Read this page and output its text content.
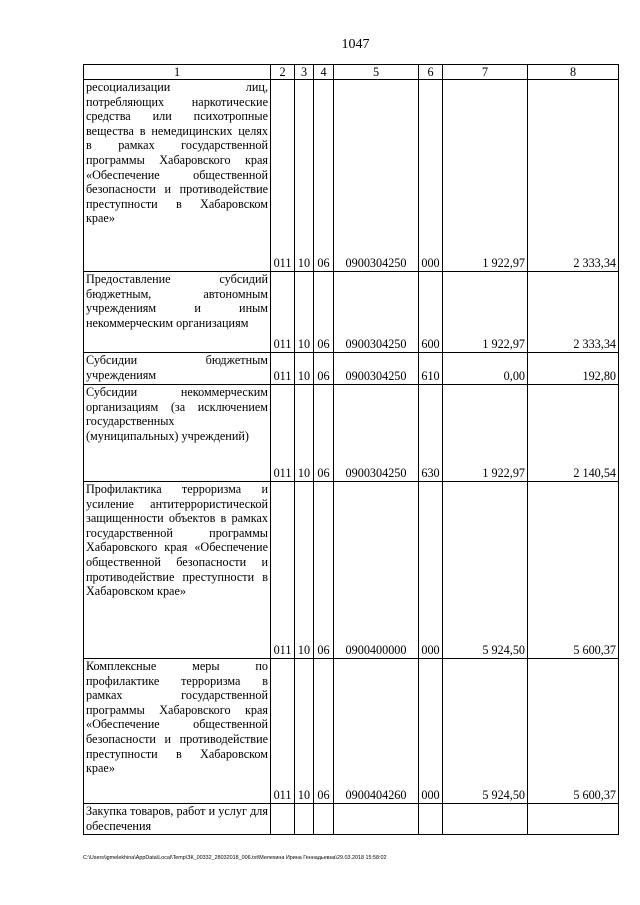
1047
1	2	3	4	5	6	7	8

ресоциализации лиц, потребляющих наркотические средства или психотропные вещества в немедицинских целях в рамках государственной программы Хабаровского края «Обеспечение общественной безопасности и противодействие преступности в Хабаровском крае»	011	10	06	0900304250	000	1 922,97	2 333,34

Предоставление субсидий бюджетным, автономным учреждениям и иным некоммерческим организациям	011	10	06	0900304250	600	1 922,97	2 333,34

Субсидии бюджетным учреждениям	011	10	06	0900304250	610	0,00	192,80

Субсидии некоммерческим организациям (за исключением государственных (муниципальных) учреждений)	011	10	06	0900304250	630	1 922,97	2 140,54

Профилактика терроризма и усиление антитеррористической защищенности объектов в рамках государственной программы Хабаровского края «Обеспечение общественной безопасности и противодействие преступности в Хабаровском крае»	011	10	06	0900400000	000	5 924,50	5 600,37

Комплексные меры по профилактике терроризма в рамках государственной программы Хабаровского края «Обеспечение общественной безопасности и противодействие преступности в Хабаровском крае»	011	10	06	0900404260	000	5 924,50	5 600,37

Закупка товаров, работ и услуг для обеспечения							

C:\Users\igmelekhina\AppData\Local\Temp\ЗК_00332_28032018_006.txt\Мелехина Ирина Геннадьевна\29.03.2018 15:58:02
